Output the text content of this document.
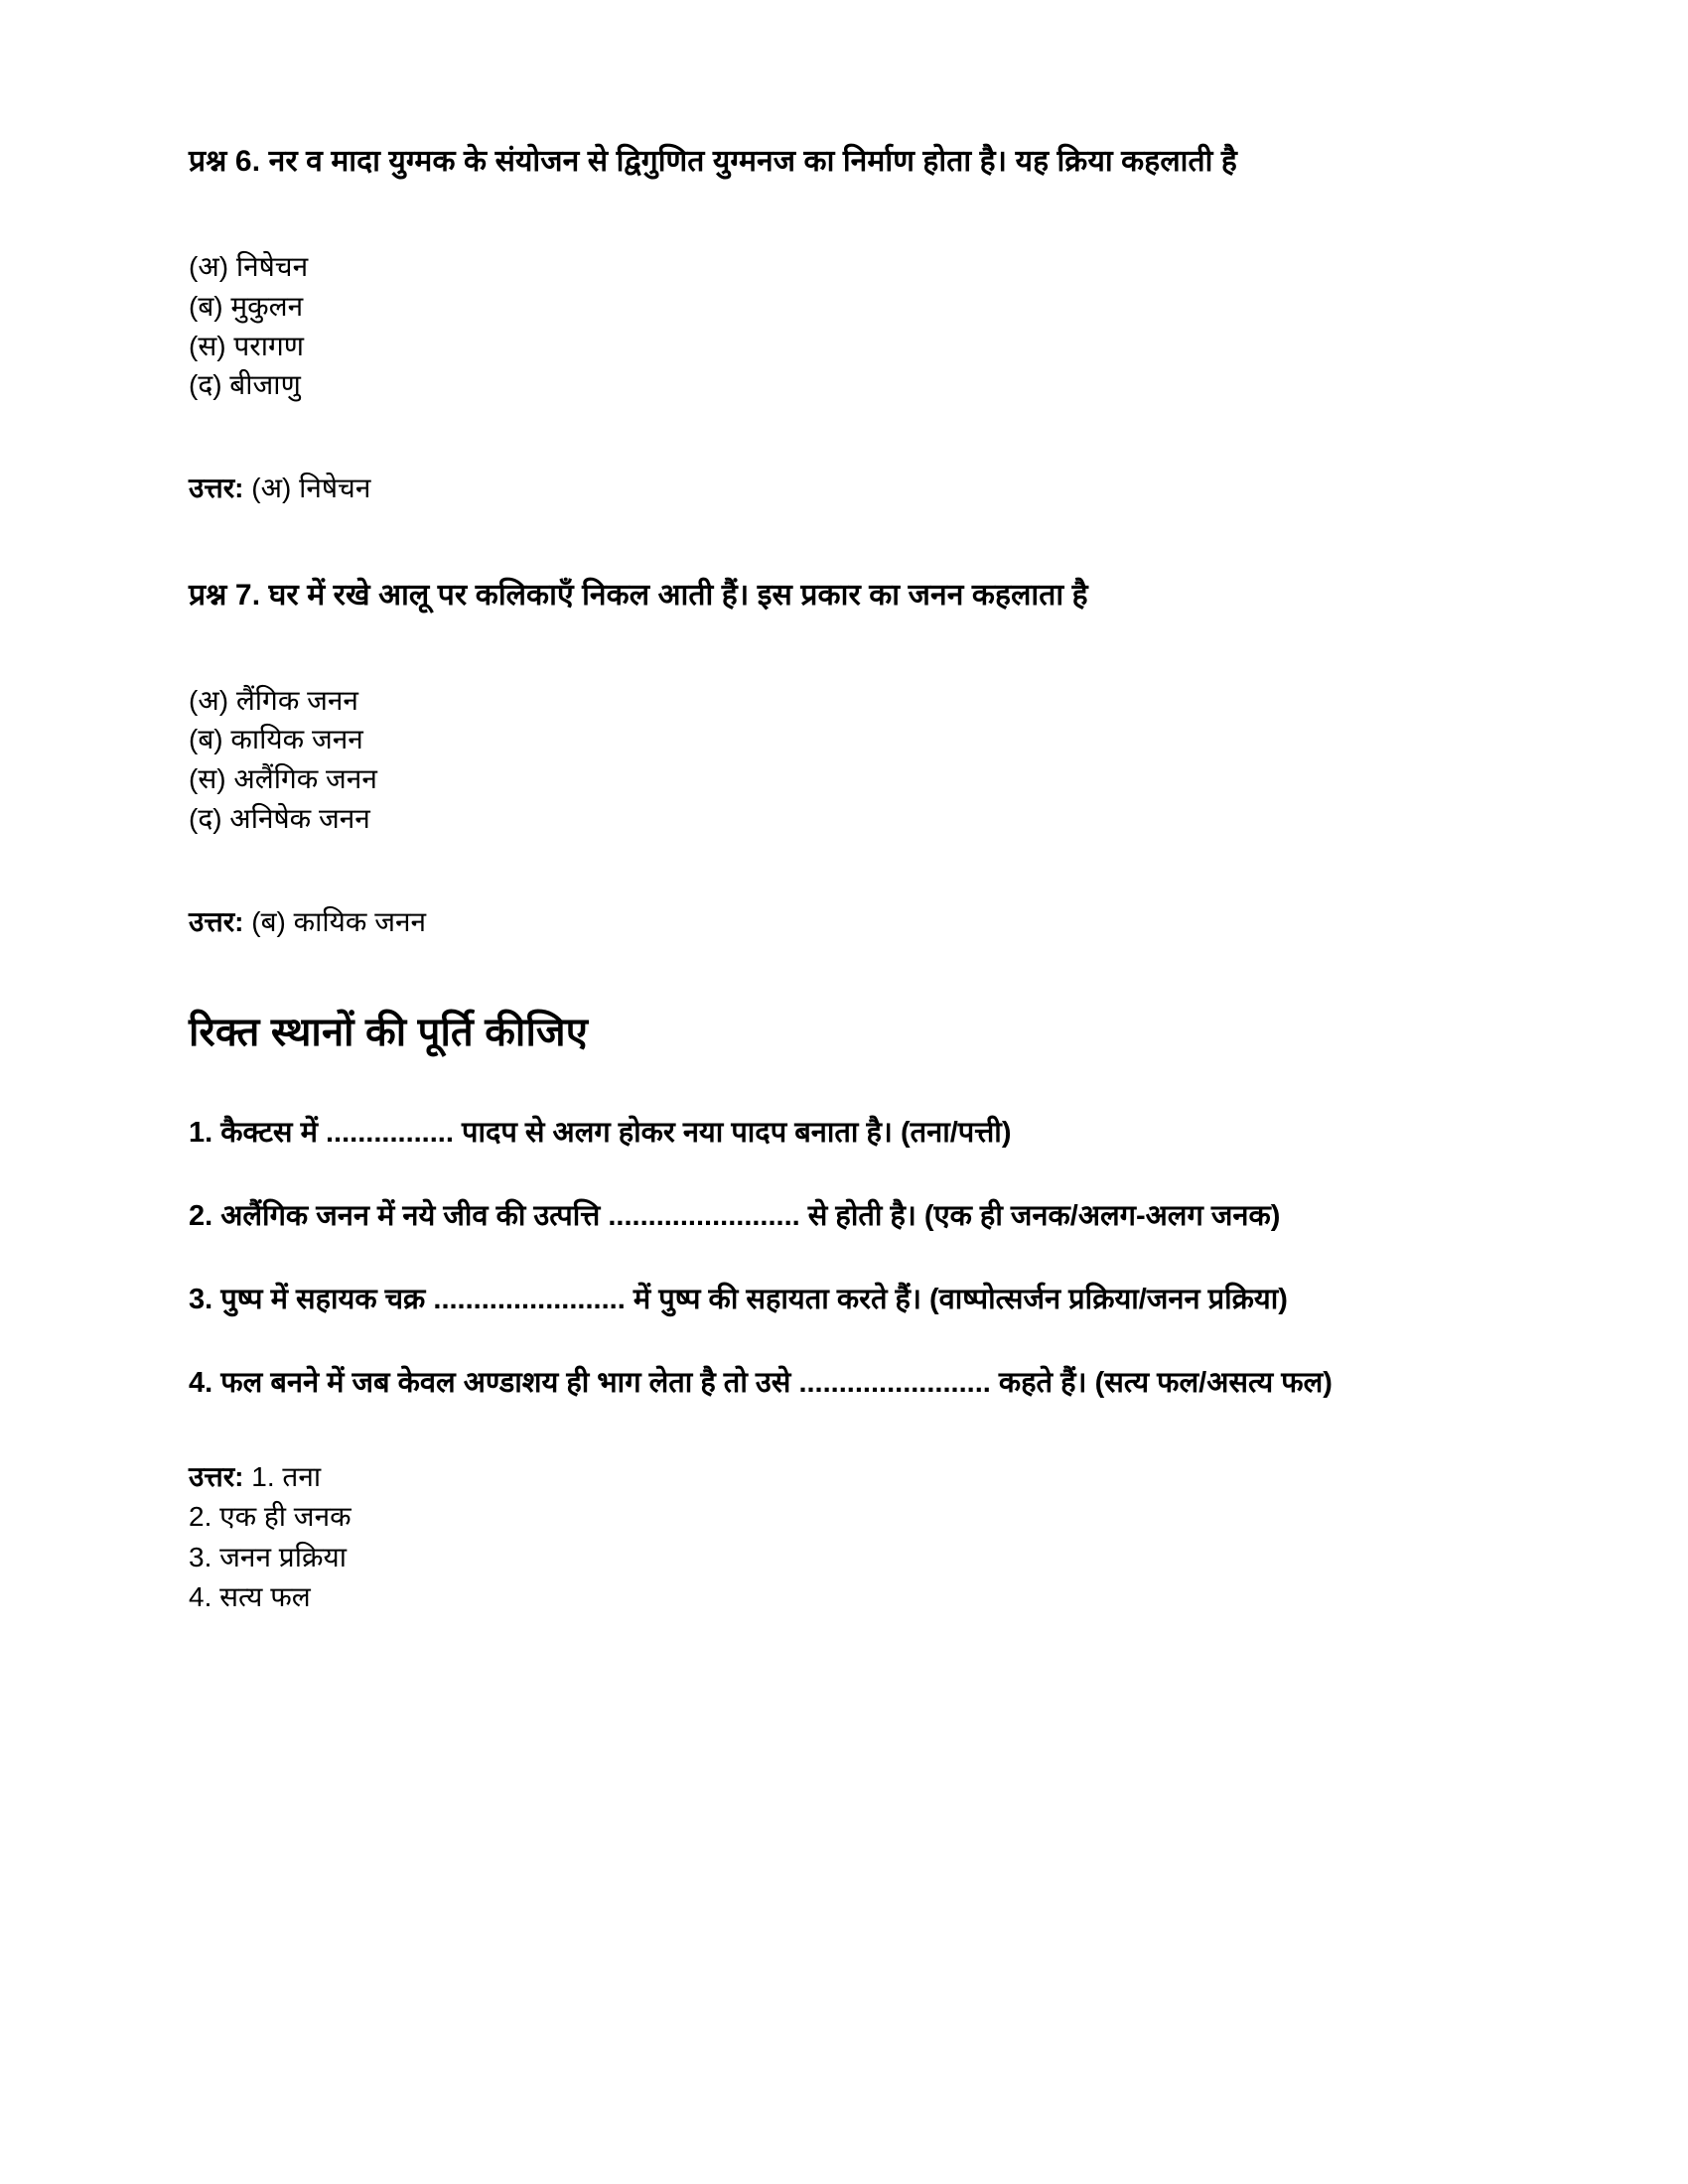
प्रश्न 6. नर व मादा युग्मक के संयोजन से द्विगुणित युग्मनज का निर्माण होता है। यह क्रिया कहलाती है

(अ) निषेचन
(ब) मुकुलन
(स) परागण
(द) बीजाणु

उत्तर: (अ) निषेचन

प्रश्न 7. घर में रखे आलू पर कलिकाएँ निकल आती हैं। इस प्रकार का जनन कहलाता है

(अ) लैंगिक जनन
(ब) कायिक जनन
(स) अलैंगिक जनन
(द) अनिषेक जनन

उत्तर: (ब) कायिक जनन

रिक्त स्थानों की पूर्ति कीजिए

1. कैक्टस में ................ पादप से अलग होकर नया पादप बनाता है। (तना/पत्ती)

2. अलैंगिक जनन में नये जीव की उत्पत्ति ........................ से होती है। (एक ही जनक/अलग-अलग जनक)

3. पुष्प में सहायक चक्र ........................ में पुष्प की सहायता करते हैं। (वाष्पोत्सर्जन प्रक्रिया/जनन प्रक्रिया)

4. फल बनने में जब केवल अण्डाशय ही भाग लेता है तो उसे ........................ कहते हैं। (सत्य फल/असत्य फल)

उत्तर: 1. तना
2. एक ही जनक
3. जनन प्रक्रिया
4. सत्य फल
